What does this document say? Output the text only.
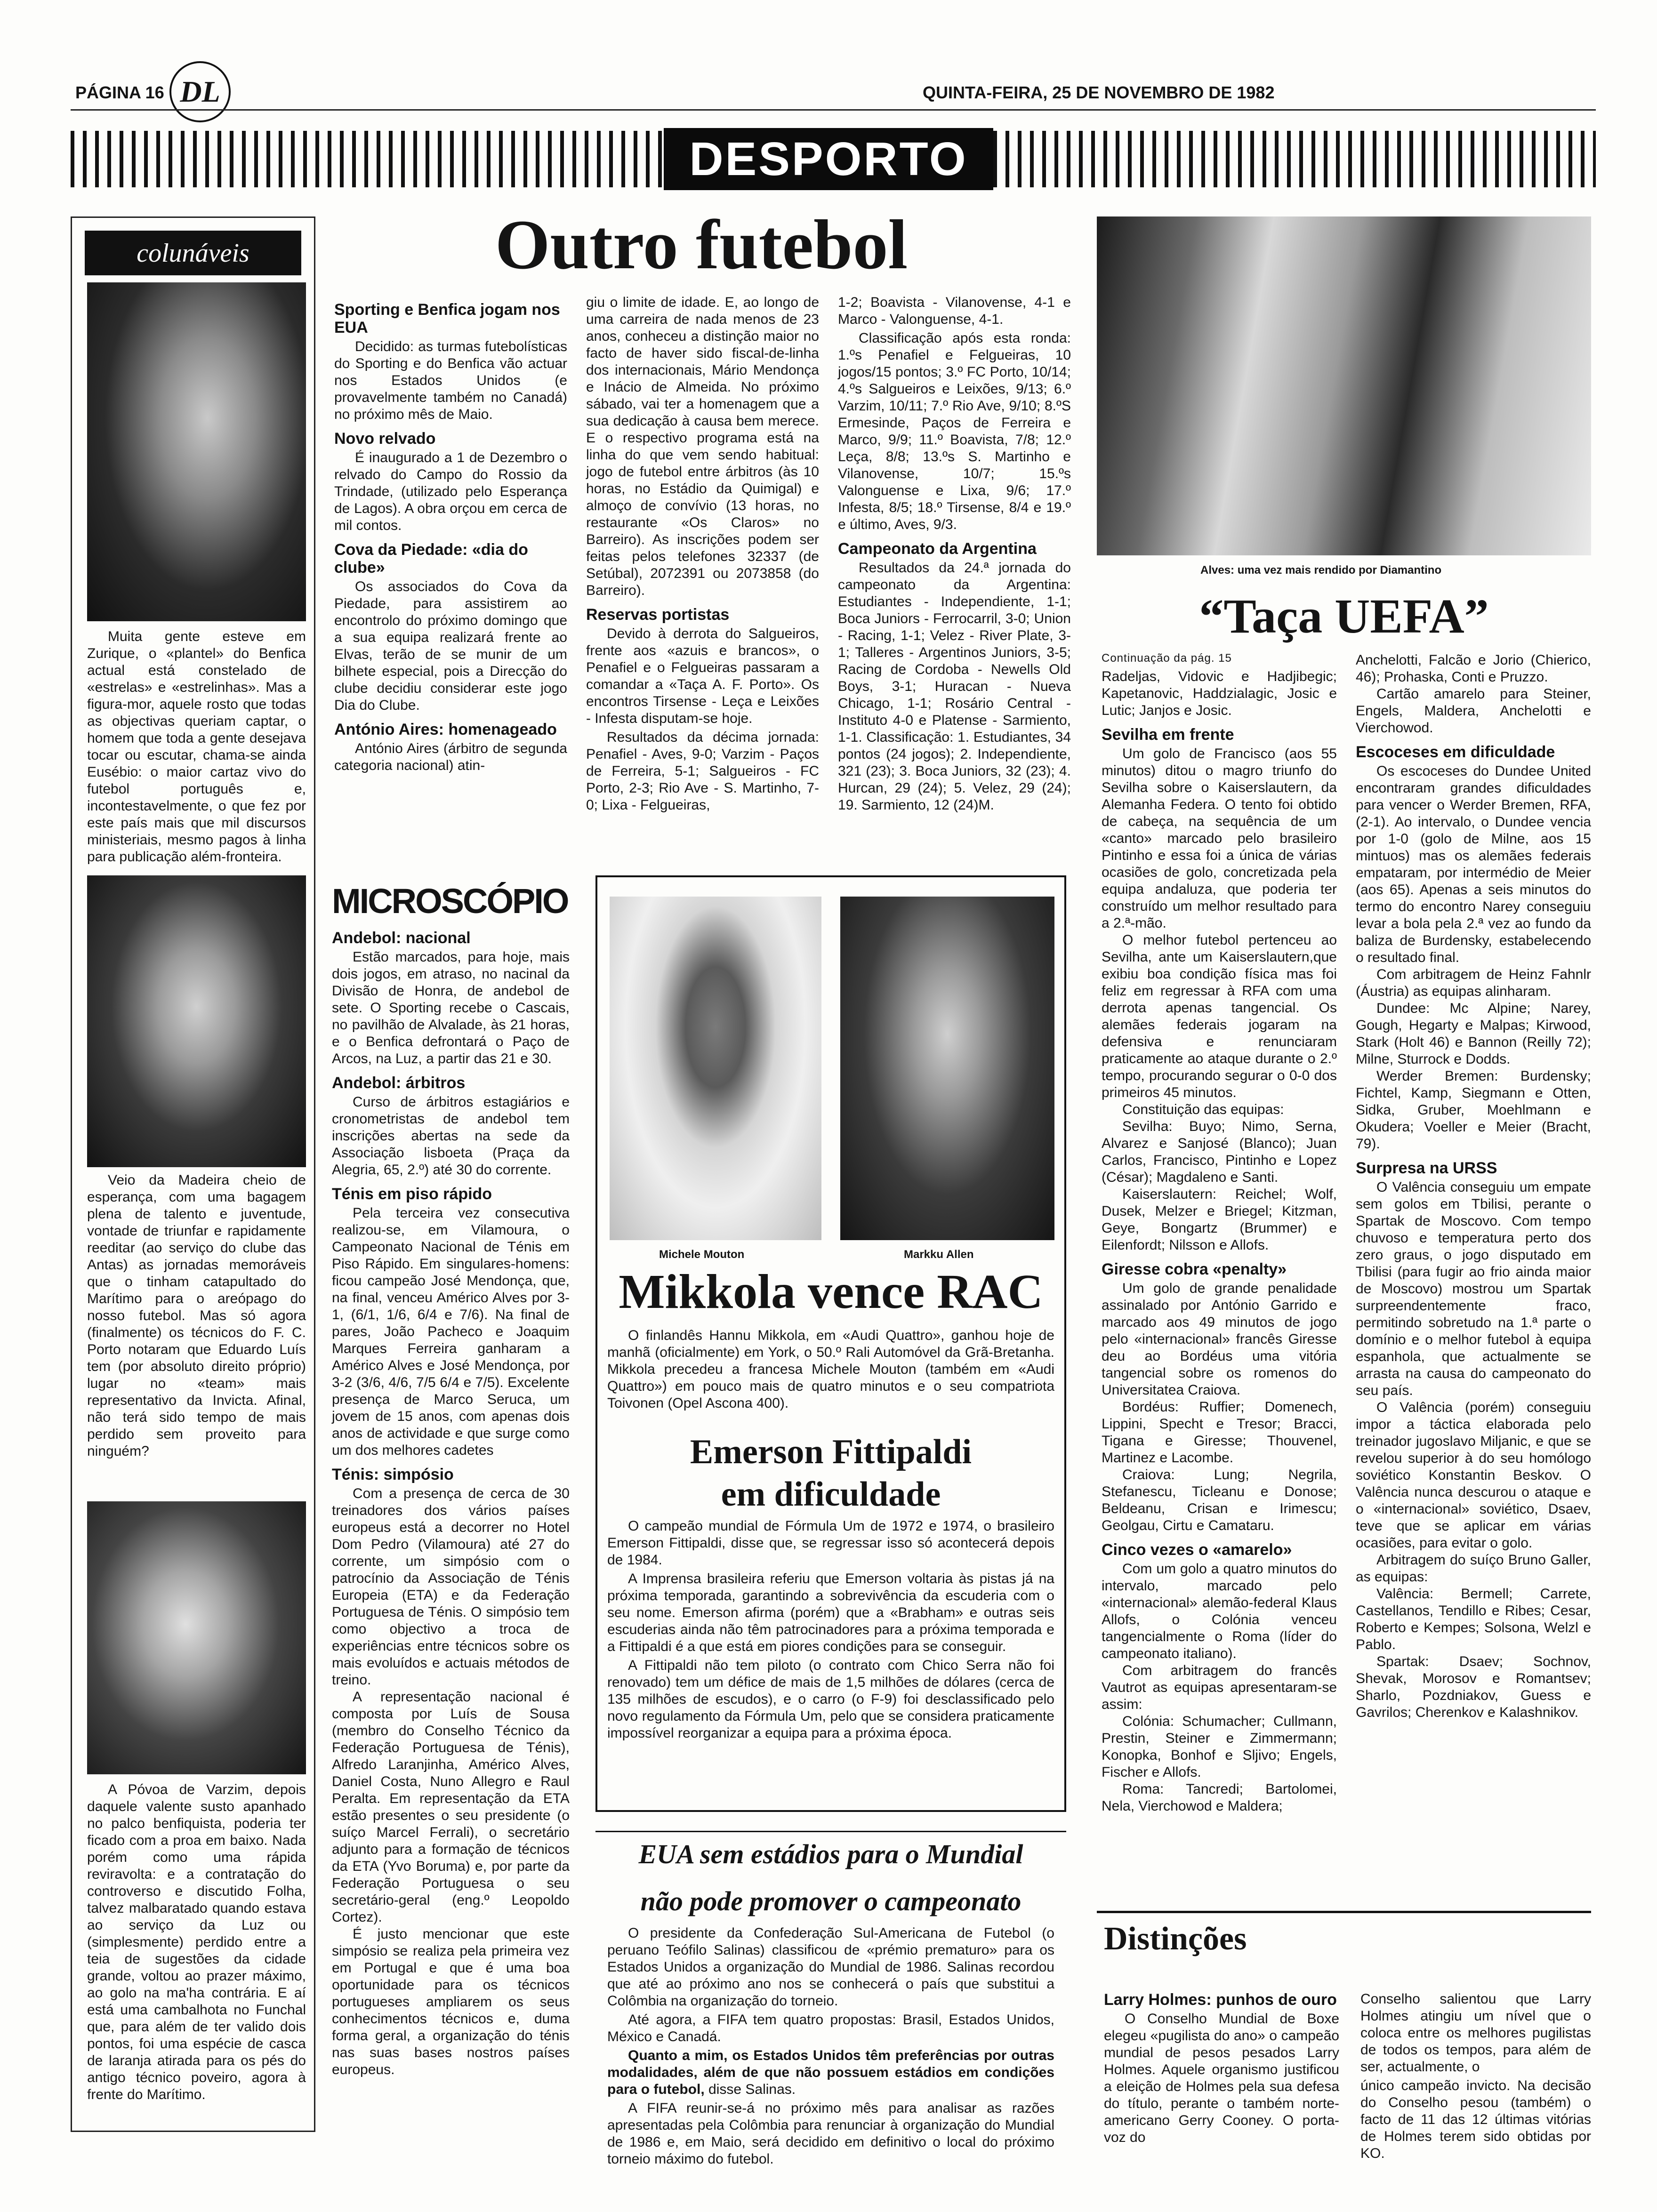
PÁGINA 16 DL	QUINTA-FEIRA, 25 DE NOVEMBRO DE 1982
DESPORTO
colunáveis

Muita gente esteve em Zurique, o «plantel» do Benfica actual está constelado de «estrelas» e «estrelinhas». Mas a figura-mor, aquele rosto que todas as objectivas queriam captar, o homem que toda a gente desejava tocar ou escutar, chama-se ainda Eusébio: o maior cartaz vivo do futebol português e, incontestavelmente, o que fez por este país mais que mil discursos ministeriais, mesmo pagos à linha para publicação além-fronteira.

Veio da Madeira cheio de esperança, com uma bagagem plena de talento e juventude, vontade de triunfar e rapidamente reeditar (ao serviço do clube das Antas) as jornadas memoráveis que o tinham catapultado do Marítimo para o areópago do nosso futebol. Mas só agora (finalmente) os técnicos do F. C. Porto notaram que Eduardo Luís tem (por absoluto direito próprio) lugar no «team» mais representativo da Invicta. Afinal, não terá sido tempo de mais perdido sem proveito para ninguém?

A Póvoa de Varzim, depois daquele valente susto apanhado no palco benfiquista, poderia ter ficado com a proa em baixo. Nada porém como uma rápida reviravolta: e a contratação do controverso e discutido Folha, talvez malbaratado quando estava ao serviço da Luz ou (simplesmente) perdido entre a teia de sugestões da cidade grande, voltou ao prazer máximo, ao golo na ma'ha contrária. E aí está uma cambalhota no Funchal que, para além de ter valido dois pontos, foi uma espécie de casca de laranja atirada para os pés do antigo técnico poveiro, agora à frente do Marítimo.

Outro futebol
Sporting e Benfica jogam nos EUA

Decidido: as turmas futebolísticas do Sporting e do Benfica vão actuar nos Estados Unidos (e provavelmente também no Canadá) no próximo mês de Maio.

Novo relvado

É inaugurado a 1 de Dezembro o relvado do Campo do Rossio da Trindade, (utilizado pelo Esperança de Lagos). A obra orçou em cerca de mil contos.

Cova da Piedade: «dia do clube»

Os associados do Cova da Piedade, para assistirem ao encontrolo do próximo domingo que a sua equipa realizará frente ao Elvas, terão de se munir de um bilhete especial, pois a Direcção do clube decidiu considerar este jogo Dia do Clube.

António Aires: homenageado

António Aires (árbitro de segunda categoria nacional) atin-

giu o limite de idade. E, ao longo de uma carreira de nada menos de 23 anos, conheceu a distinção maior no facto de haver sido fiscal-de-linha dos internacionais, Mário Mendonça e Inácio de Almeida. No próximo sábado, vai ter a homenagem que a sua dedicação à causa bem merece. E o respectivo programa está na linha do que vem sendo habitual: jogo de futebol entre árbitros (às 10 horas, no Estádio da Quimigal) e almoço de convívio (13 horas, no restaurante «Os Claros» no Barreiro). As inscrições podem ser feitas pelos telefones 32337 (de Setúbal), 2072391 ou 2073858 (do Barreiro).

Reservas portistas

Devido à derrota do Salgueiros, frente aos «azuis e brancos», o Penafiel e o Felgueiras passaram a comandar a «Taça A. F. Porto». Os encontros Tirsense - Leça e Leixões - Infesta disputam-se hoje.

Resultados da décima jornada: Penafiel - Aves, 9-0; Varzim - Paços de Ferreira, 5-1; Salgueiros - FC Porto, 2-3; Rio Ave - S. Martinho, 7-0; Lixa - Felgueiras,

1-2; Boavista - Vilanovense, 4-1 e Marco - Valonguense, 4-1.

Classificação após esta ronda: 1.ºs Penafiel e Felgueiras, 10 jogos/15 pontos; 3.º FC Porto, 10/14; 4.ºs Salgueiros e Leixões, 9/13; 6.º Varzim, 10/11; 7.º Rio Ave, 9/10; 8.ºS Ermesinde, Paços de Ferreira e Marco, 9/9; 11.º Boavista, 7/8; 12.º Leça, 8/8; 13.ºs S. Martinho e Vilanovense, 10/7; 15.ºs Valonguense e Lixa, 9/6; 17.º Infesta, 8/5; 18.º Tirsense, 8/4 e 19.º e último, Aves, 9/3.

Campeonato da Argentina

Resultados da 24.ª jornada do campeonato da Argentina: Estudiantes - Independiente, 1-1; Boca Juniors - Ferrocarril, 3-0; Union - Racing, 1-1; Velez - River Plate, 3-1; Talleres - Argentinos Juniors, 3-5; Racing de Cordoba - Newells Old Boys, 3-1; Huracan - Nueva Chicago, 1-1; Rosário Central - Instituto 4-0 e Platense - Sarmiento, 1-1. Classificação: 1. Estudiantes, 34 pontos (24 jogos); 2. Independiente, 321 (23); 3. Boca Juniors, 32 (23); 4. Hurcan, 29 (24); 5. Velez, 29 (24); 19. Sarmiento, 12 (24)M.

MICROSCÓPIO
Andebol: nacional

Estão marcados, para hoje, mais dois jogos, em atraso, no nacinal da Divisão de Honra, de andebol de sete. O Sporting recebe o Cascais, no pavilhão de Alvalade, às 21 horas, e o Benfica defrontará o Paço de Arcos, na Luz, a partir das 21 e 30.

Andebol: árbitros

Curso de árbitros estagiários e cronometristas de andebol tem inscrições abertas na sede da Associação lisboeta (Praça da Alegria, 65, 2.º) até 30 do corrente.

Ténis em piso rápido

Pela terceira vez consecutiva realizou-se, em Vilamoura, o Campeonato Nacional de Ténis em Piso Rápido. Em singulares-homens: ficou campeão José Mendonça, que, na final, venceu Américo Alves por 3-1, (6/1, 1/6, 6/4 e 7/6). Na final de pares, João Pacheco e Joaquim Marques Ferreira ganharam a Américo Alves e José Mendonça, por 3-2 (3/6, 4/6, 7/5 6/4 e 7/5). Excelente presença de Marco Seruca, um jovem de 15 anos, com apenas dois anos de actividade e que surge como um dos melhores cadetes

Ténis: simpósio

Com a presença de cerca de 30 treinadores dos vários países europeus está a decorrer no Hotel Dom Pedro (Vilamoura) até 27 do corrente, um simpósio com o patrocínio da Associação de Ténis Europeia (ETA) e da Federação Portuguesa de Ténis. O simpósio tem como objectivo a troca de experiências entre técnicos sobre os mais evoluídos e actuais métodos de treino.
A representação nacional é composta por Luís de Sousa (membro do Conselho Técnico da Federação Portuguesa de Ténis), Alfredo Laranjinha, Américo Alves, Daniel Costa, Nuno Allegro e Raul Peralta. Em representação da ETA estão presentes o seu presidente (o suíço Marcel Ferrali), o secretário adjunto para a formação de técnicos da ETA (Yvo Boruma) e, por parte da Federação Portuguesa o seu secretário-geral (eng.º Leopoldo Cortez).
É justo mencionar que este simpósio se realiza pela primeira vez em Portugal e que é uma boa oportunidade para os técnicos portugueses ampliarem os seus conhecimentos técnicos e, duma forma geral, a organização do ténis nas suas bases nostros países europeus.

Michele Mouton	Markku Allen
Mikkola vence RAC

O finlandês Hannu Mikkola, em «Audi Quattro», ganhou hoje de manhã (oficialmente) em York, o 50.º Rali Automóvel da Grã-Bretanha. Mikkola precedeu a francesa Michele Mouton (também em «Audi Quattro») em pouco mais de quatro minutos e o seu compatriota Toivonen (Opel Ascona 400).

Emerson Fittipaldi
em dificuldade

O campeão mundial de Fórmula Um de 1972 e 1974, o brasileiro Emerson Fittipaldi, disse que, se regressar isso só acontecerá depois de 1984.

A Imprensa brasileira referiu que Emerson voltaria às pistas já na próxima temporada, garantindo a sobrevivência da escuderia com o seu nome. Emerson afirma (porém) que a «Brabham» e outras seis escuderias ainda não têm patrocinadores para a próxima temporada e a Fittipaldi é a que está em piores condições para se conseguir.

A Fittipaldi não tem piloto (o contrato com Chico Serra não foi renovado) tem um défice de mais de 1,5 milhões de dólares (cerca de 135 milhões de escudos), e o carro (o F-9) foi desclassificado pelo novo regulamento da Fórmula Um, pelo que se considera praticamente impossível reorganizar a equipa para a próxima época.

EUA sem estádios para o Mundial
não pode promover o campeonato

O presidente da Confederação Sul-Americana de Futebol (o peruano Teófilo Salinas) classificou de «prémio prematuro» para os Estados Unidos a organização do Mundial de 1986. Salinas recordou que até ao próximo ano nos se conhecerá o país que substitui a Colômbia na organização do torneio.

Até agora, a FIFA tem quatro propostas: Brasil, Estados Unidos, México e Canadá.

Quanto a mim, os Estados Unidos têm preferências por outras modalidades, além de que não possuem estádios em condições para o futebol, disse Salinas.

A FIFA reunir-se-á no próximo mês para analisar as razões apresentadas pela Colômbia para renunciar à organização do Mundial de 1986 e, em Maio, será decidido em definitivo o local do próximo torneio máximo do futebol.

Alves: uma vez mais rendido por Diamantino
“Taça UEFA”
Continuação da pág. 15

Radeljas, Vidovic e Hadjibegic; Kapetanovic, Haddzialagic, Josic e Lutic; Janjos e Josic.

Sevilha em frente

Um golo de Francisco (aos 55 minutos) ditou o magro triunfo do Sevilha sobre o Kaiserslautern, da Alemanha Federa. O tento foi obtido de cabeça, na sequência de um «canto» marcado pelo brasileiro Pintinho e essa foi a única de várias ocasiões de golo, concretizada pela equipa andaluza, que poderia ter construído um melhor resultado para a 2.ª-mão.
O melhor futebol pertenceu ao Sevilha, ante um Kaiserslautern,que exibiu boa condição física mas foi feliz em regressar à RFA com uma derrota apenas tangencial. Os alemães federais jogaram na defensiva e renunciaram praticamente ao ataque durante o 2.º tempo, procurando segurar o 0-0 dos primeiros 45 minutos.
Constituição das equipas:
Sevilha: Buyo; Nimo, Serna, Alvarez e Sanjosé (Blanco); Juan Carlos, Francisco, Pintinho e Lopez (César); Magdaleno e Santi.
Kaiserslautern: Reichel; Wolf, Dusek, Melzer e Briegel; Kitzman, Geye, Bongartz (Brummer) e Eilenfordt; Nilsson e Allofs.

Giresse cobra «penalty»

Um golo de grande penalidade assinalado por António Garrido e marcado aos 49 minutos de jogo pelo «internacional» francês Giresse deu ao Bordéus uma vitória tangencial sobre os romenos do Universitatea Craiova.
Bordéus: Ruffier; Domenech, Lippini, Specht e Tresor; Bracci, Tigana e Giresse; Thouvenel, Martinez e Lacombe.
Craiova: Lung; Negrila, Stefanescu, Ticleanu e Donose; Beldeanu, Crisan e Irimescu; Geolgau, Cirtu e Camataru.

Cinco vezes o «amarelo»

Com um golo a quatro minutos do intervalo, marcado pelo «internacional» alemão-federal Klaus Allofs, o Colónia venceu tangencialmente o Roma (líder do campeonato italiano).
Com arbitragem do francês Vautrot as equipas apresentaram-se assim:
Colónia: Schumacher; Cullmann, Prestin, Steiner e Zimmermann; Konopka, Bonhof e Sljivo; Engels, Fischer e Allofs.
Roma: Tancredi; Bartolomei, Nela, Vierchowod e Maldera;

Anchelotti, Falcão e Jorio (Chierico, 46); Prohaska, Conti e Pruzzo.
Cartão amarelo para Steiner, Engels, Maldera, Anchelotti e Vierchowod.

Escoceses em dificuldade

Os escoceses do Dundee United encontraram grandes dificuldades para vencer o Werder Bremen, RFA, (2-1). Ao intervalo, o Dundee vencia por 1-0 (golo de Milne, aos 15 mintuos) mas os alemães federais empataram, por intermédio de Meier (aos 65). Apenas a seis minutos do termo do encontro Narey conseguiu levar a bola pela 2.ª vez ao fundo da baliza de Burdensky, estabelecendo o resultado final.
Com arbitragem de Heinz Fahnlr (Áustria) as equipas alinharam.
Dundee: Mc Alpine; Narey, Gough, Hegarty e Malpas; Kirwood, Stark (Holt 46) e Bannon (Reilly 72); Milne, Sturrock e Dodds.
Werder Bremen: Burdensky; Fichtel, Kamp, Siegmann e Otten, Sidka, Gruber, Moehlmann e Okudera; Voeller e Meier (Bracht, 79).

Surpresa na URSS

O Valência conseguiu um empate sem golos em Tbilisi, perante o Spartak de Moscovo. Com tempo chuvoso e temperatura perto dos zero graus, o jogo disputado em Tbilisi (para fugir ao frio ainda maior de Moscovo) mostrou um Spartak surpreendentemente fraco, permitindo sobretudo na 1.ª parte o domínio e o melhor futebol à equipa espanhola, que actualmente se arrasta na causa do campeonato do seu país.
O Valência (porém) conseguiu impor a táctica elaborada pelo treinador jugoslavo Miljanic, e que se revelou superior à do seu homólogo soviético Konstantin Beskov. O Valência nunca descurou o ataque e o «internacional» soviético, Dsaev, teve que se aplicar em várias ocasiões, para evitar o golo.
Arbitragem do suíço Bruno Galler, as equipas:
Valência: Bermell; Carrete, Castellanos, Tendillo e Ribes; Cesar, Roberto e Kempes; Solsona, Welzl e Pablo.
Spartak: Dsaev; Sochnov, Shevak, Morosov e Romantsev; Sharlo, Pozdniakov, Guess e Gavrilos; Cherenkov e Kalashnikov.

Distinções
Larry Holmes: punhos de ouro

O Conselho Mundial de Boxe elegeu «pugilista do ano» o campeão mundial de pesos pesados Larry Holmes. Aquele organismo justificou a eleição de Holmes pela sua defesa do título, perante o também norte-americano Gerry Cooney. O porta-voz do

Conselho salientou que Larry Holmes atingiu um nível que o coloca entre os melhores pugilistas de todos os tempos, para além de ser, actualmente, o

único campeão invicto. Na decisão do Conselho pesou (também) o facto de 11 das 12 últimas vitórias de Holmes terem sido obtidas por KO.
